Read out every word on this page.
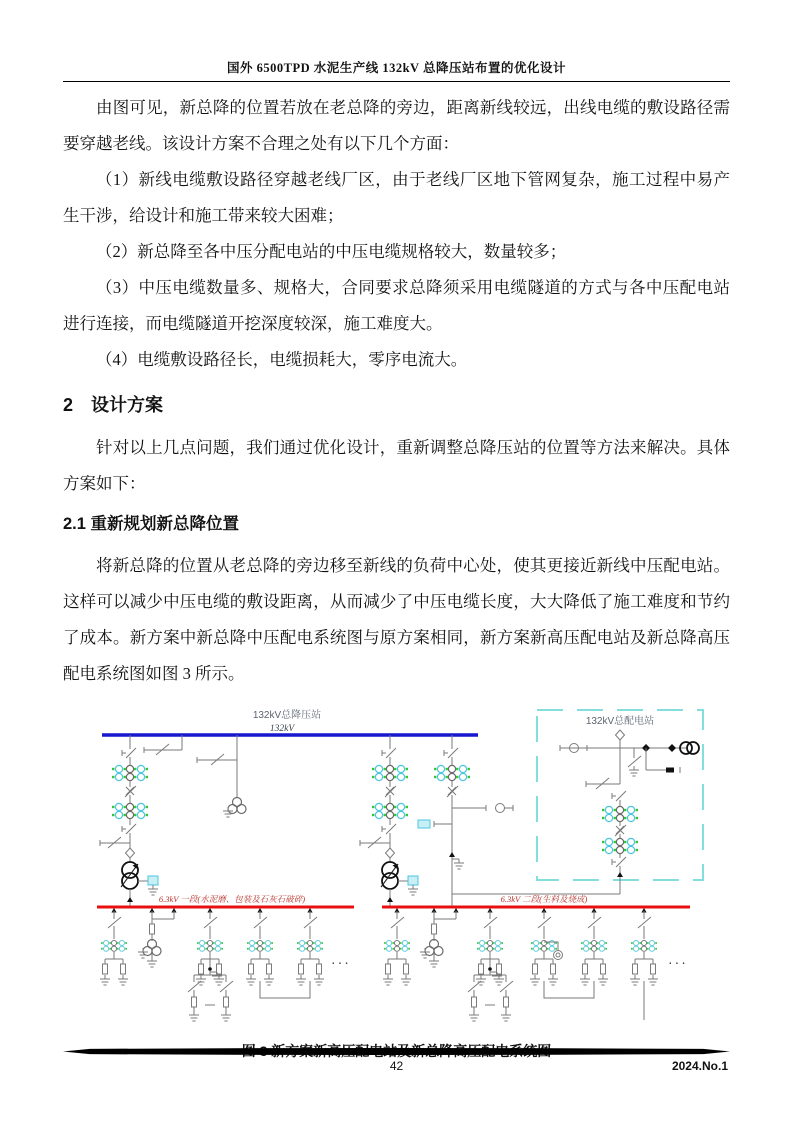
国外 6500TPD 水泥生产线 132kV 总降压站布置的优化设计

由图可见，新总降的位置若放在老总降的旁边，距离新线较远，出线电缆的敷设路径需要穿越老线。该设计方案不合理之处有以下几个方面：

（1）新线电缆敷设路径穿越老线厂区，由于老线厂区地下管网复杂，施工过程中易产生干涉，给设计和施工带来较大困难；

（2）新总降至各中压分配电站的中压电缆规格较大，数量较多；

（3）中压电缆数量多、规格大，合同要求总降须采用电缆隧道的方式与各中压配电站进行连接，而电缆隧道开挖深度较深，施工难度大。

（4）电缆敷设路径长，电缆损耗大，零序电流大。

2　设计方案

针对以上几点问题，我们通过优化设计，重新调整总降压站的位置等方法来解决。具体方案如下：

2.1 重新规划新总降位置

将新总降的位置从老总降的旁边移至新线的负荷中心处，使其更接近新线中压配电站。这样可以减少中压电缆的敷设距离，从而减少了中压电缆长度，大大降低了施工难度和节约了成本。新方案中新总降中压配电系统图与原方案相同，新方案新高压配电站及新总降高压配电系统图如图 3 所示。

132kV总降压站
132kV
132kV总配电站
6.3kV 一段(水泥磨、包装及石灰石破碎)	6.3kV 二段(生料及烧成)
···	···
42	2024.No.1
